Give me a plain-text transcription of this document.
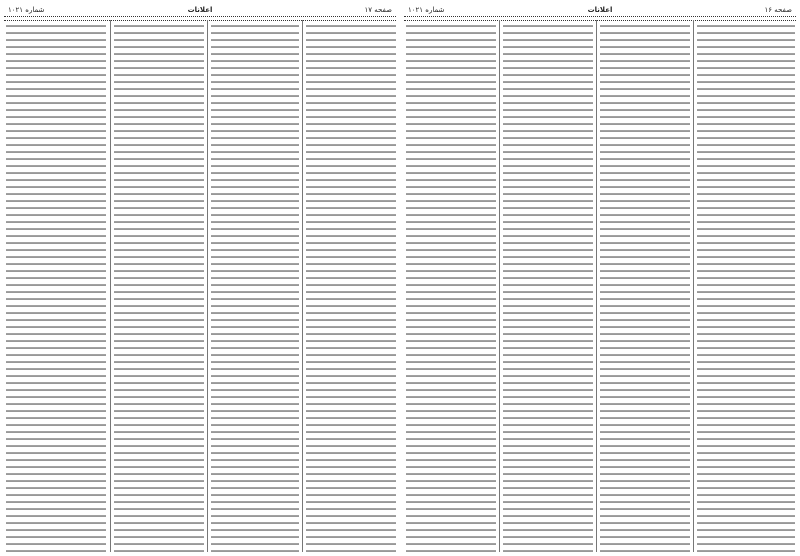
صفحه ۱۷
اعلانات
شماره ۱۰۲۱	صفحه ۱۶
اعلانات
شماره ۱۰۲۱
